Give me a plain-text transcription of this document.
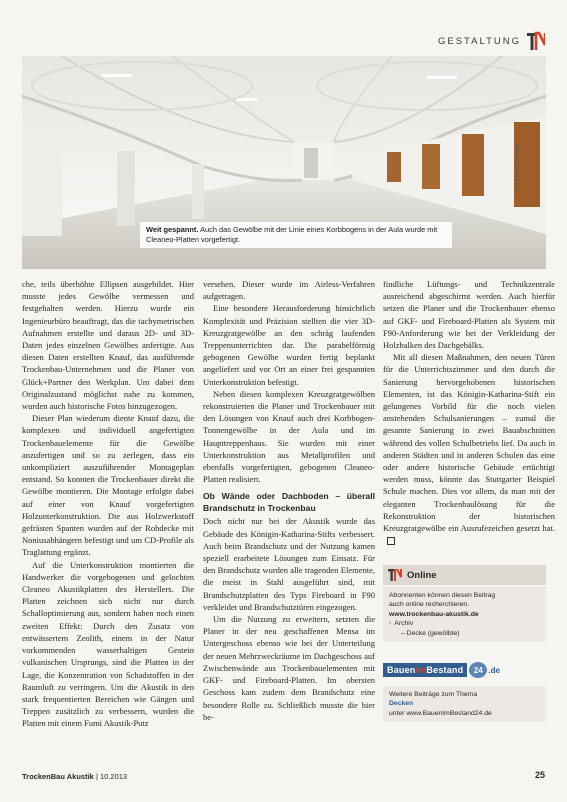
GESTALTUNG
Foto: Knauf/Schwarz
Weit gespannt. Auch das Gewölbe mit der Linie eines Korbbogens in der Aula wurde mit Cleaneo-Platten vorgefertigt.

che, teils überhöhte Ellipsen ausgebildet. Hier musste jedes Gewölbe vermessen und festgehalten werden. Hierzu wurde ein Ingenieurbüro beauftragt, das die tachymetrischen Aufnahmen erstellte und daraus 2D- und 3D-Daten jedes einzelnen Gewölbes anfertigte. Aus diesen Daten erstellten Knauf, das ausführende Trockenbau-Unternehmen und die Planer von Glück+Partner den Werkplan. Um dabei dem Originalzustand möglichst nahe zu kommen, wurden auch historische Fotos hinzugezogen.

Dieser Plan wiederum diente Knauf dazu, die komplexen und individuell angefertigten Trockenbauelemente für die Gewölbe anzufertigen und so zu zerlegen, dass ein unkompliziert auszuführender Montageplan entstand. So konnten die Trockenbauer direkt die Gewölbe montieren. Die Montage erfolgte dabei auf einer von Knauf vorgefertigten Holzunterkonstruktion. Die aus Holzwerkstoff gefrästen Spanten wurden auf der Rohdecke mit Noniusabhängern befestigt und um CD-Profile als Traglattung ergänzt.

Auf die Unterkonstruktion montierten die Handwerker die vorgebogenen und gelochten Cleaneo Akustikplatten des Herstellers. Die Platten zeichnen sich nicht nur durch Schalloptimierung aus, sondern haben noch einen zweiten Effekt: Durch den Zusatz von entwässertem Zeolith, einem in der Natur vorkommenden wasserhaltigen Gestein vulkanischen Ursprungs, sind die Platten in der Lage, die Konzentration von Schadstoffen in der Raumluft zu verringern. Um die Akustik in den stark frequentierten Bereichen wie Gängen und Treppen zusätzlich zu verbessern, wurden die Platten mit einem Fumi Akustik-Putz

versehen. Dieser wurde im Airless-Verfahren aufgetragen.

Eine besondere Herausforderung hinsichtlich Komplexität und Präzision stellten die vier 3D-Kreuzgratgewölbe an den schräg laufenden Treppenunterrichten dar. Die parabelförmig gebogenen Gewölbe wurden fertig beplankt angeliefert und vor Ort an einer frei gespannten Unterkonstruktion befestigt.

Neben diesen komplexen Kreuzgratgewölben rekonstruierten die Planer und Trockenbauer mit den Lösungen von Knauf auch drei Korbbogen-Tonnengewölbe in der Aula und im Haupttreppenhaus. Sie wurden mit einer Unterkonstruktion aus Metallprofilen und ebenfalls vorgefertigten, gebogenen Cleaneo-Platten realisiert.

Ob Wände oder Dachboden – überall Brandschutz in Trockenbau

Doch nicht nur bei der Akustik wurde das Gebäude des Königin-Katharina-Stifts verbessert. Auch beim Brandschutz und der Nutzung kamen speziell erarbeitete Lösungen zum Einsatz. Für den Brandschutz wurden alle tragenden Elemente, die meist in Stahl ausgeführt sind, mit Brandschutzplatten des Typs Fireboard in F90 verkleidet und Brandschutztüren eingezogen.

Um die Nutzung zu erweitern, setzten die Planer in der neu geschaffenen Mensa im Untergeschoss ebenso wie bei der Unterteilung der neuen Mehrzweckräume im Dachgeschoss auf Zwischenwände aus Trockenbauelementen mit GKF- und Fireboard-Platten. Im obersten Geschoss kam zudem dem Brandschutz eine besondere Rolle zu. Schließlich musste die hier be-

findliche Lüftungs- und Technikzentrale ausreichend abgeschirmt werden. Auch hierfür setzen die Planer und die Trockenbauer ebenso auf GKF- und Fireboard-Platten als System mit F90-Anforderung wie bei der Verkleidung der Holzbalken des Dachgebälks.

Mit all diesen Maßnahmen, den neuen Türen für die Unterrichtszimmer und den durch die Sanierung hervorgehobenen historischen Elementen, ist das Königin-Katharina-Stift ein gelungenes Vorbild für die noch vielen anstehenden Schulsanierungen – zumal die gesamte Sanierung in zwei Bauabschnitten während des vollen Schulbetriebs lief. Da auch in anderen Städten und in anderen Schulen das eine oder andere historische Gebäude ertüchtigt werden muss, könnte das Stuttgarter Beispiel Schule machen. Dies vor allem, da man mit der eleganten Trockenbaulösung für die Rekonstruktion der historischen Kreuzgratgewölbe ein Ausrufezeichen gesetzt hat.

Online
Abonnenten können diesen Beitrag
auch online recherchieren.
www.trockenbau-akustik.de
› Archiv
– Decke (gewölbte)
BauenimBestand	24 .de
Weitere Beiträge zum Thema
Decken
unter www.BauenImBestand24.de
TrockenBau Akustik | 10.2013	25
